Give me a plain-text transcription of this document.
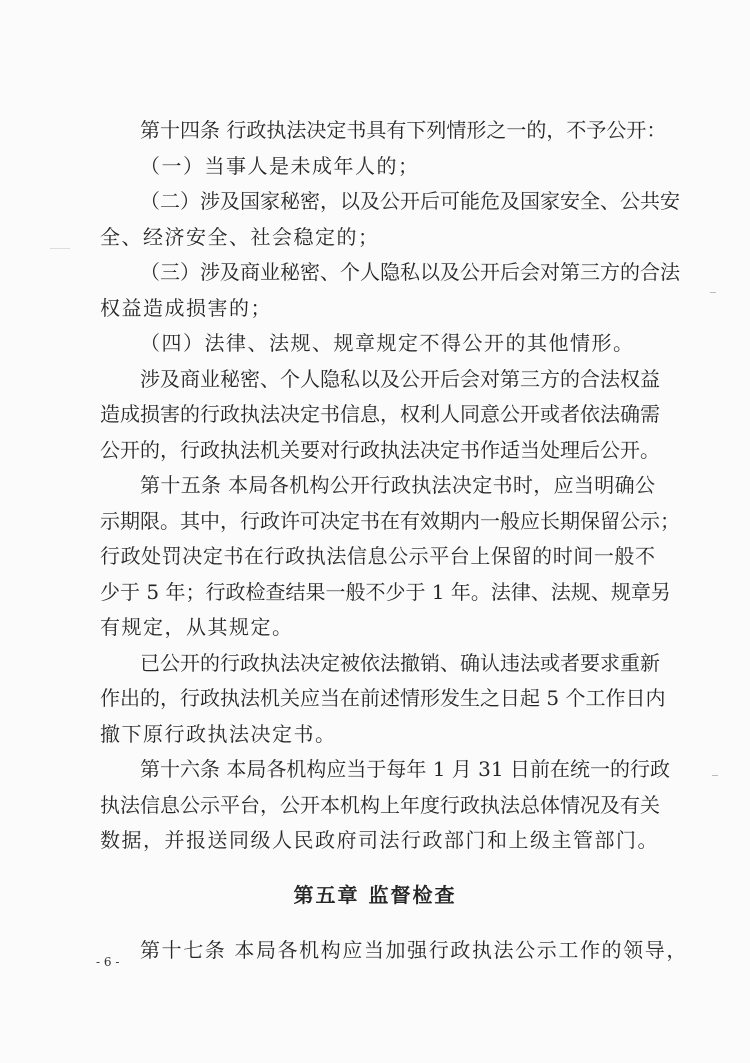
第十四条 行政执法决定书具有下列情形之一的，不予公开：
（一）当事人是未成年人的；
（二）涉及国家秘密，以及公开后可能危及国家安全、公共安
全、经济安全、社会稳定的；
（三）涉及商业秘密、个人隐私以及公开后会对第三方的合法
权益造成损害的；
（四）法律、法规、规章规定不得公开的其他情形。
涉及商业秘密、个人隐私以及公开后会对第三方的合法权益
造成损害的行政执法决定书信息，权利人同意公开或者依法确需
公开的，行政执法机关要对行政执法决定书作适当处理后公开。
第十五条 本局各机构公开行政执法决定书时，应当明确公
示期限。其中，行政许可决定书在有效期内一般应长期保留公示；
行政处罚决定书在行政执法信息公示平台上保留的时间一般不
少于 5 年；行政检查结果一般不少于 1 年。法律、法规、规章另
有规定，从其规定。
已公开的行政执法决定被依法撤销、确认违法或者要求重新
作出的，行政执法机关应当在前述情形发生之日起 5 个工作日内
撤下原行政执法决定书。
第十六条 本局各机构应当于每年 1 月 31 日前在统一的行政
执法信息公示平台，公开本机构上年度行政执法总体情况及有关
数据，并报送同级人民政府司法行政部门和上级主管部门。
第五章 监督检查
第十七条 本局各机构应当加强行政执法公示工作的领导，
- 6 -
